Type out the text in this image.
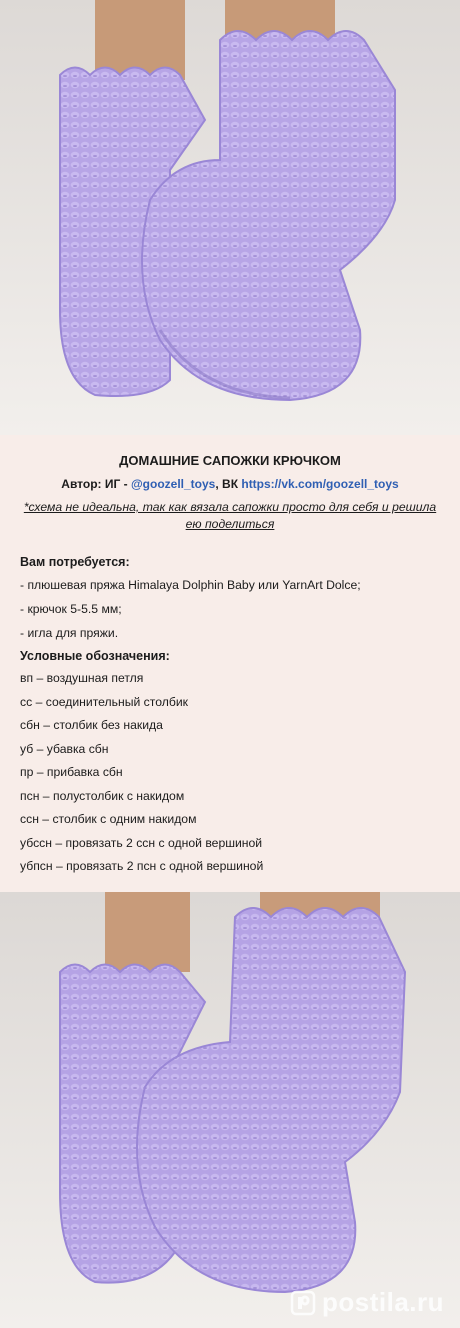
ДОМАШНИЕ САПОЖКИ КРЮЧКОМ
Автор: ИГ - @goozell_toys, ВК https://vk.com/goozell_toys
*схема не идеальна, так как вязала сапожки просто для себя и решила ею поделиться
Вам потребуется:
- плюшевая пряжа Himalaya Dolphin Baby или YarnArt Dolce;
- крючок 5-5.5 мм;
- игла для пряжи.
Условные обозначения:
вп – воздушная петля
сс – соединительный столбик
сбн – столбик без накида
уб – убавка сбн
пр – прибавка сбн
псн – полустолбик с накидом
ссн – столбик с одним накидом
убссн – провязать 2 ссн с одной вершиной
убпсн – провязать 2 псн с одной вершиной
postila.ru
